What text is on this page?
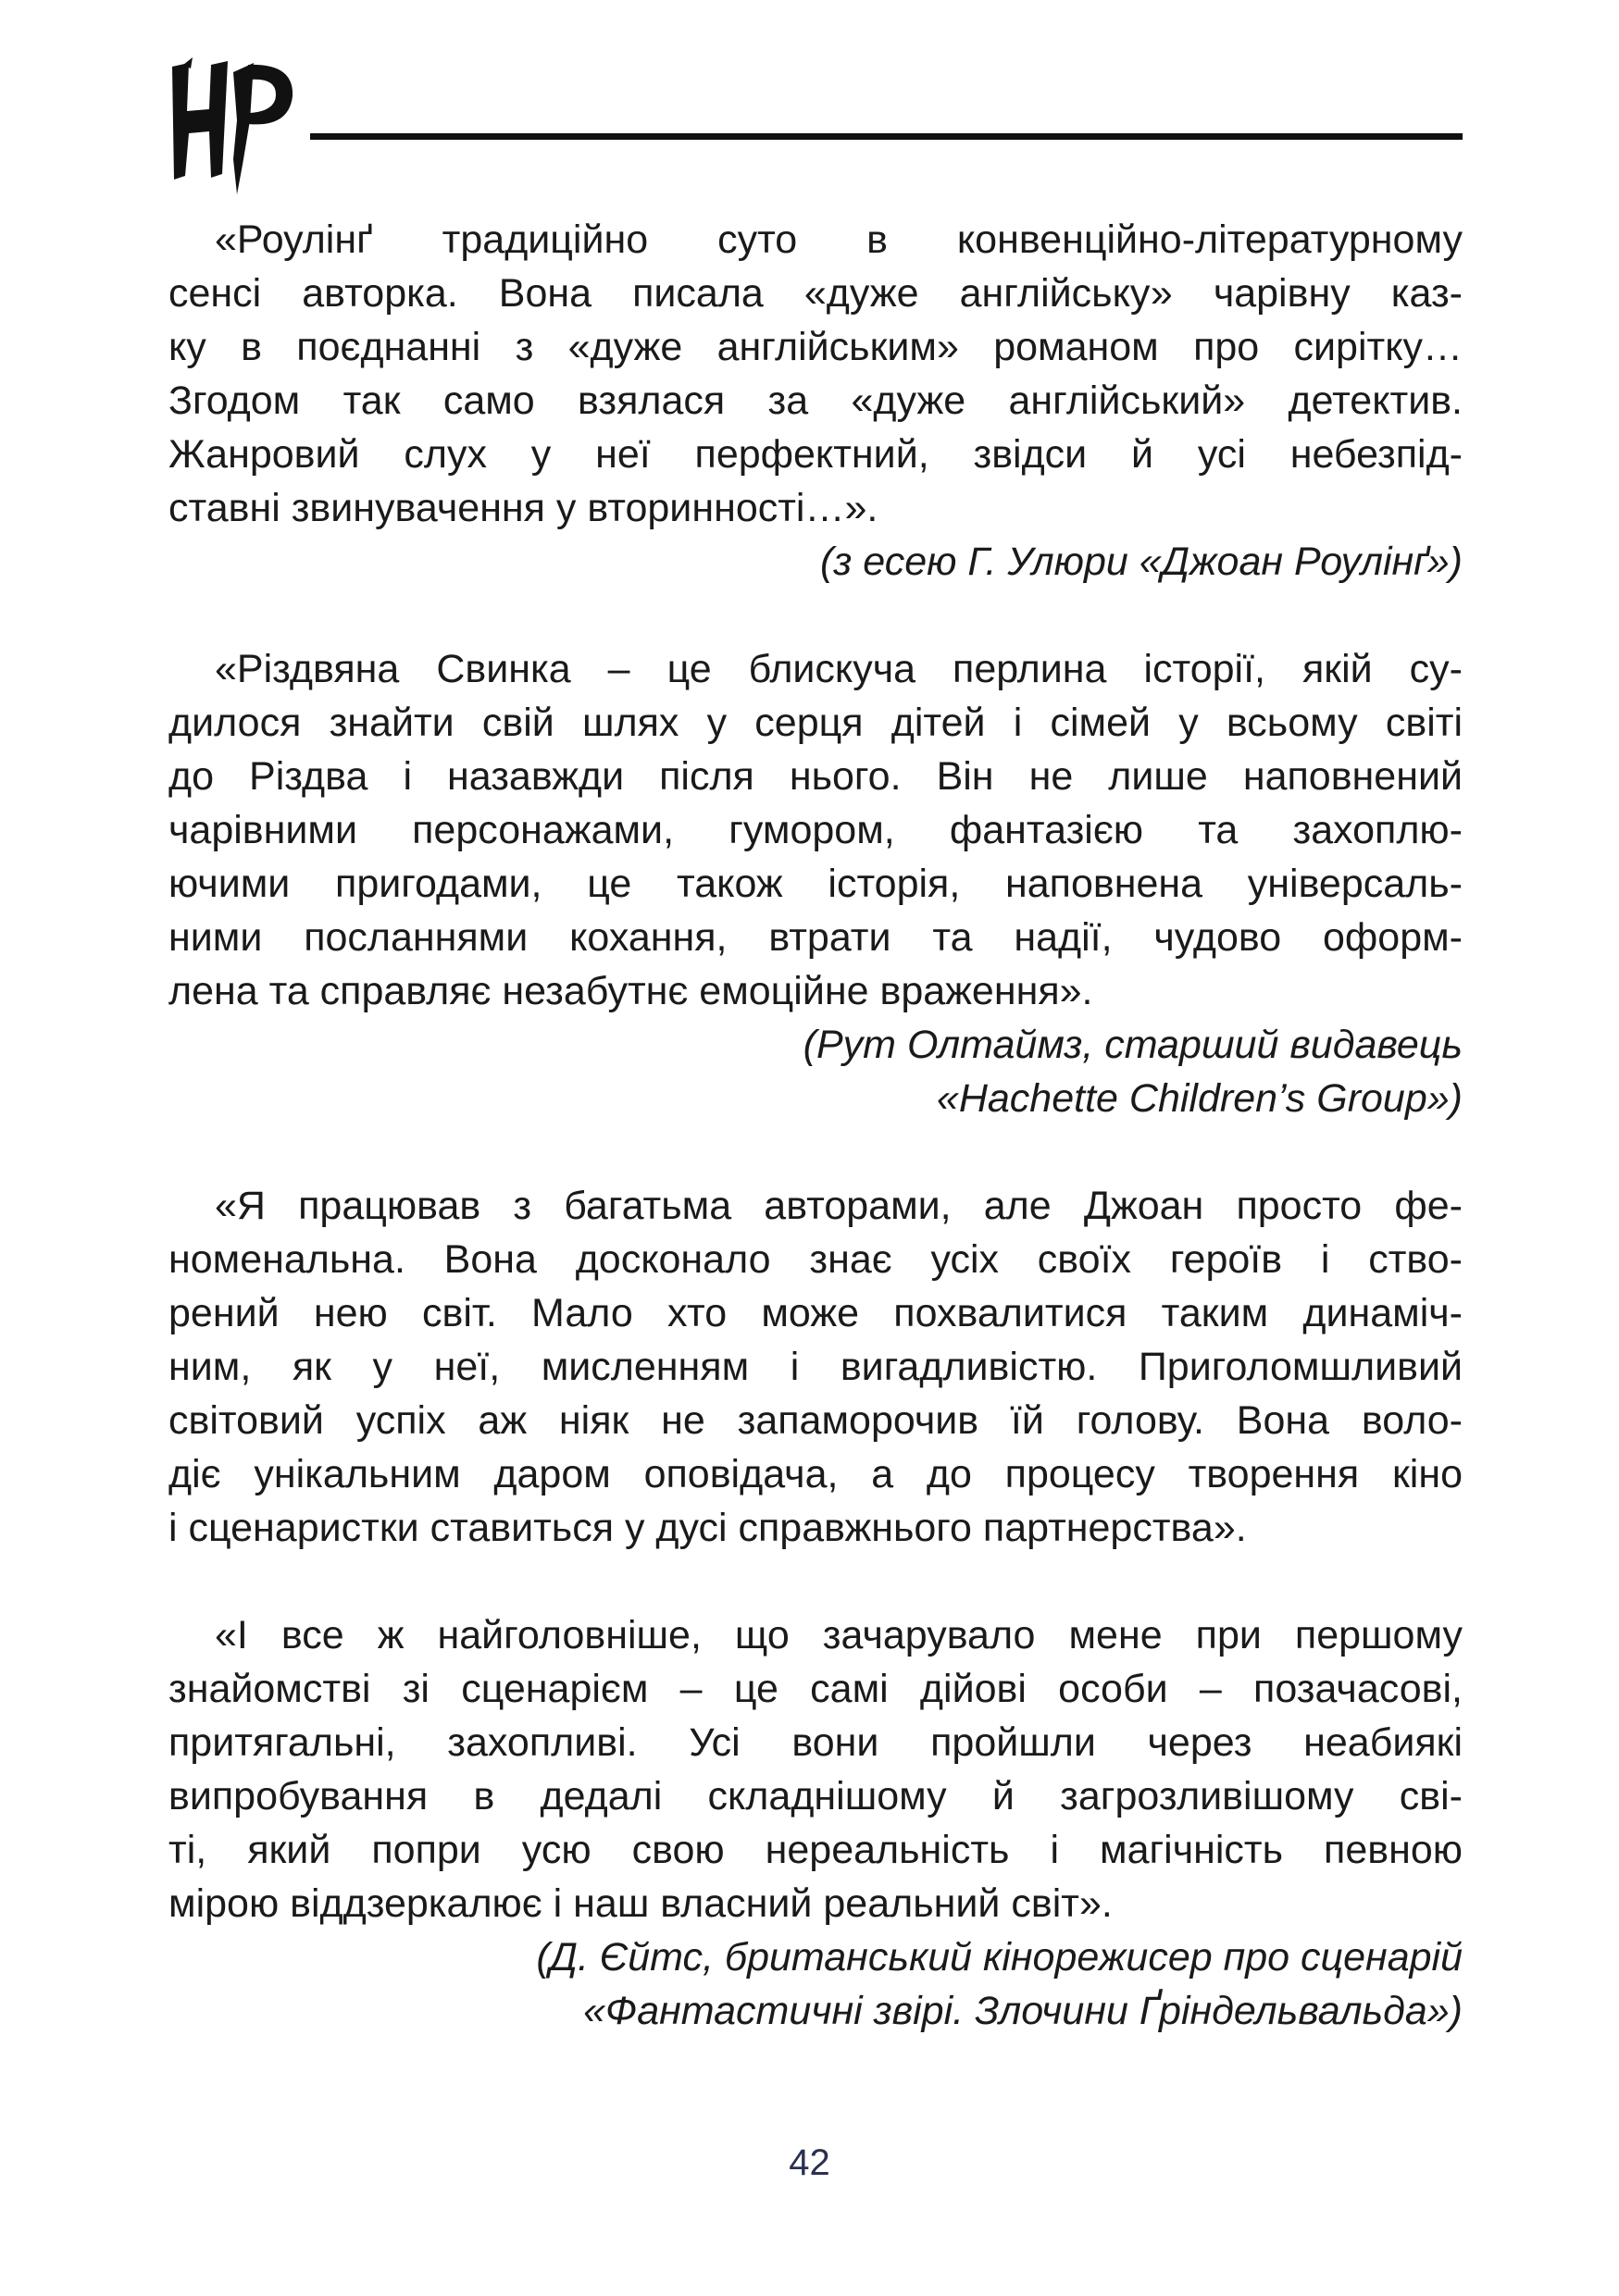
«Роулінґ традиційно суто в конвенційно-літературному
сенсі авторка. Вона писала «дуже англійську» чарівну каз-
ку в поєднанні з «дуже англійським» романом про сирітку…
Згодом так само взялася за «дуже англійський» детектив.
Жанровий слух у неї перфектний, звідси й усі небезпід-
ставні звинувачення у вторинності…».

(з есею Г. Улюри «Джоан Роулінґ»)

«Різдвяна Свинка – це блискуча перлина історії, якій су-
дилося знайти свій шлях у серця дітей і сімей у всьому світі
до Різдва і назавжди після нього. Він не лише наповнений
чарівними персонажами, гумором, фантазією та захоплю-
ючими пригодами, це також історія, наповнена універсаль-
ними посланнями кохання, втрати та надії, чудово оформ-
лена та справляє незабутнє емоційне враження».

(Рут Олтаймз, старший видавець
«Hachette Children’s Group»)

«Я працював з багатьма авторами, але Джоан просто фе-
номенальна. Вона досконало знає усіх своїх героїв і ство-
рений нею світ. Мало хто може похвалитися таким динаміч-
ним, як у неї, мисленням і вигадливістю. Приголомшливий
світовий успіх аж ніяк не запаморочив їй голову. Вона воло-
діє унікальним даром оповідача, а до процесу творення кіно
і сценаристки ставиться у дусі справжнього партнерства».

«І все ж найголовніше, що зачарувало мене при першому
знайомстві зі сценарієм – це самі дійові особи – позачасові,
притягальні, захопливі. Усі вони пройшли через неабиякі
випробування в дедалі складнішому й загрозливішому сві-
ті, який попри усю свою нереальність і магічність певною
мірою віддзеркалює і наш власний реальний світ».

(Д. Єйтс, британський кінорежисер про сценарій
«Фантастичні звірі. Злочини Ґріндельвальда»)

42
